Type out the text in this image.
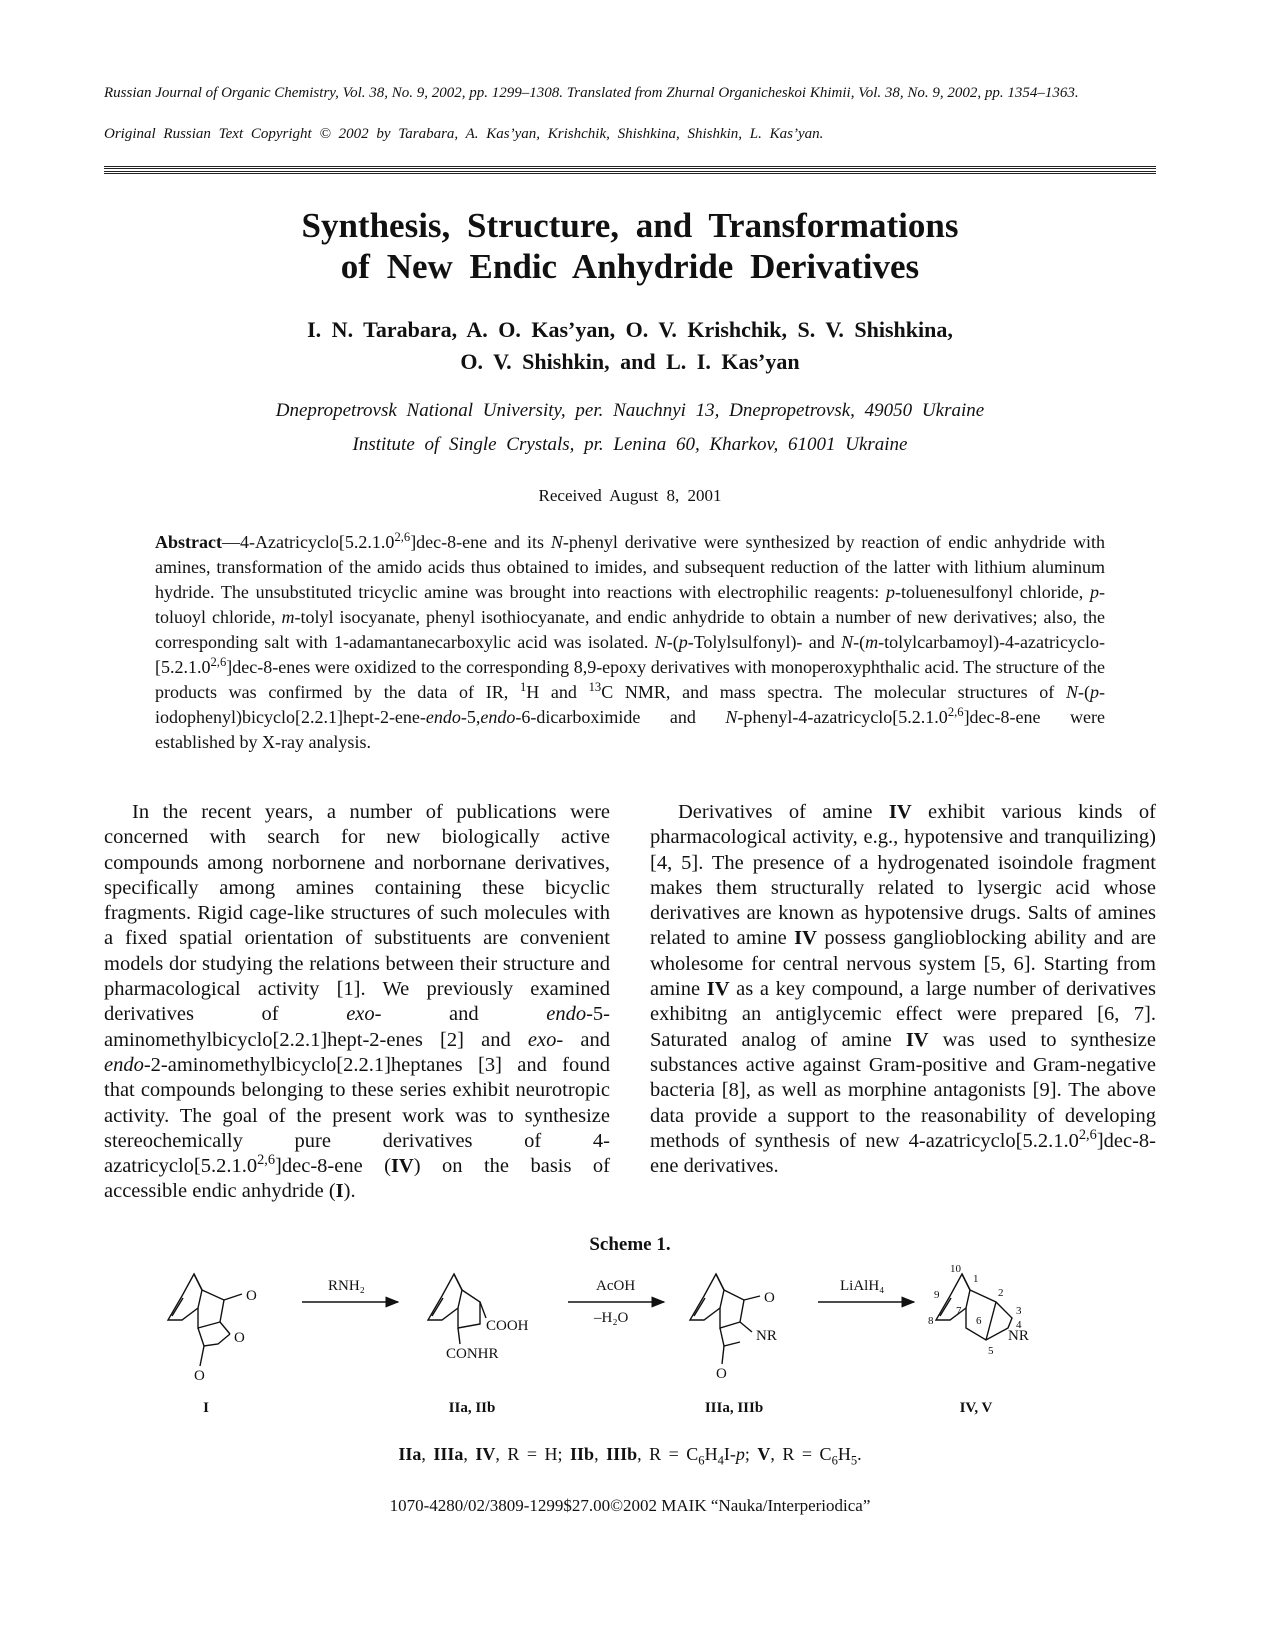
Russian Journal of Organic Chemistry, Vol. 38, No. 9, 2002, pp. 1299–1308. Translated from Zhurnal Organicheskoi Khimii, Vol. 38, No. 9, 2002, pp. 1354–1363.
Original Russian Text Copyright © 2002 by Tarabara, A. Kas’yan, Krishchik, Shishkina, Shishkin, L. Kas’yan.
Synthesis, Structure, and Transformations
of New Endic Anhydride Derivatives
I. N. Tarabara, A. O. Kas’yan, O. V. Krishchik, S. V. Shishkina,
O. V. Shishkin, and L. I. Kas’yan
Dnepropetrovsk National University, per. Nauchnyi 13, Dnepropetrovsk, 49050 Ukraine
Institute of Single Crystals, pr. Lenina 60, Kharkov, 61001 Ukraine
Received August 8, 2001
Abstract—4-Azatricyclo[5.2.1.0$^{2,6}$]dec-8-ene and its N-phenyl derivative were synthesized by reaction of endic anhydride with amines, transformation of the amido acids thus obtained to imides, and subsequent reduction of the latter with lithium aluminum hydride. The unsubstituted tricyclic amine was brought into reactions with electrophilic reagents: p-toluenesulfonyl chloride, p-toluoyl chloride, m-tolyl isocyanate, phenyl isothiocyanate, and endic anhydride to obtain a number of new derivatives; also, the corresponding salt with 1-adamantanecarboxylic acid was isolated. N-(p-Tolylsulfonyl)- and N-(m-tolylcarbamoyl)-4-azatricyclo-[5.2.1.0$^{2,6}$]dec-8-enes were oxidized to the corresponding 8,9-epoxy derivatives with monoperoxyphthalic acid. The structure of the products was confirmed by the data of IR, $^1$H and $^{13}$C NMR, and mass spectra. The molecular structures of N-(p-iodophenyl)bicyclo[2.2.1]hept-2-ene-endo-5,endo-6-dicarboximide and N-phenyl-4-azatricyclo[5.2.1.0$^{2,6}$]dec-8-ene were established by X-ray analysis.

In the recent years, a number of publications were concerned with search for new biologically active compounds among norbornene and norbornane derivatives, specifically among amines containing these bicyclic fragments. Rigid cage-like structures of such molecules with a fixed spatial orientation of substituents are convenient models dor studying the relations between their structure and pharmacological activity [1]. We previously examined derivatives of exo- and endo-5-aminomethylbicyclo[2.2.1]hept-2-enes [2] and exo- and endo-2-aminomethylbicyclo[2.2.1]heptanes [3] and found that compounds belonging to these series exhibit neurotropic activity. The goal of the present work was to synthesize stereochemically pure derivatives of 4-azatricyclo[5.2.1.0$^{2,6}$]dec-8-ene (IV) on the basis of accessible endic anhydride (I).

Derivatives of amine IV exhibit various kinds of pharmacological activity, e.g., hypotensive and tranquilizing) [4, 5]. The presence of a hydrogenated isoindole fragment makes them structurally related to lysergic acid whose derivatives are known as hypotensive drugs. Salts of amines related to amine IV possess ganglioblocking ability and are wholesome for central nervous system [5, 6]. Starting from amine IV as a key compound, a large number of derivatives exhibitng an antiglycemic effect were prepared [6, 7]. Saturated analog of amine IV was used to synthesize substances active against Gram-positive and Gram-negative bacteria [8], as well as morphine antagonists [9]. The above data provide a support to the reasonability of developing methods of synthesis of new 4-azatricyclo[5.2.1.0$^{2,6}$]dec-8-ene derivatives.

Scheme 1.
O
O
O
COOH
CONHR
O
NR
O
NR
10
1
2
3
4
5
6
7
8
9
RNH₂	AcOH
–H₂O
LiAlH₄
I	IIa, IIb	IIIa, IIIb	IV, V
IIa, IIIa, IV, R = H; IIb, IIIb, $R = C_6H_4I-p$; V, $R = C_6H_5$.
1070-4280/02/3809-1299$27.00©2002 MAIK “Nauka/Interperiodica”
